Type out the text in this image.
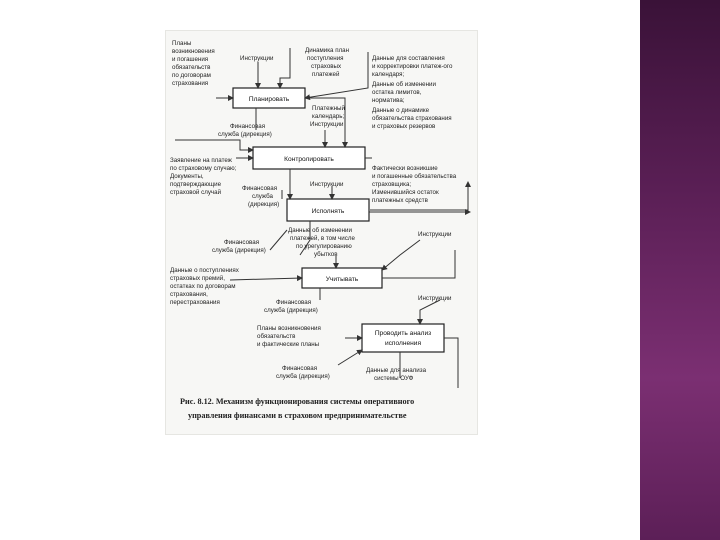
Планировать
Контролировать
Исполнять
Учитывать
Проводить анализ
исполнения
Планы
возникновения
и погашения
обязательств
по договорам
страхования
Инструкции
Динамика план
поступления
страховых
платежей
Данные для составления
и корректировки платеж-ого
календаря;
Данные об изменении
остатка лимитов,
норматива;
Данные о динамике
обязательства страхования
и страховых резервов
Финансовая
служба (дирекция)
Платежный
календарь;
Инструкции
Заявление на платеж
по страховому случаю;
Документы,
подтверждающие
страховой случай
Фактически возникшие
и погашенные обязательства
страховщика;
Изменившийся остаток
платежных средств
Финансовая
служба
(дирекция)
Инструкции
Данные об изменении
платежей, в том числе
по урегулированию
убытков
Финансовая
служба (дирекция)
Инструкции
Данные о поступлениях
страховых премий,
остатках по договорам
страхования,
перестрахования	Финансовая
служба (дирекция)
Инструкции
Планы возникновения
обязательств
и фактические планы
Финансовая
служба (дирекция)
Данные для анализа
системы ОУФ
Рис. 8.12. Механизм функционирования системы оперативного
управления финансами в страховом предпринимательстве
